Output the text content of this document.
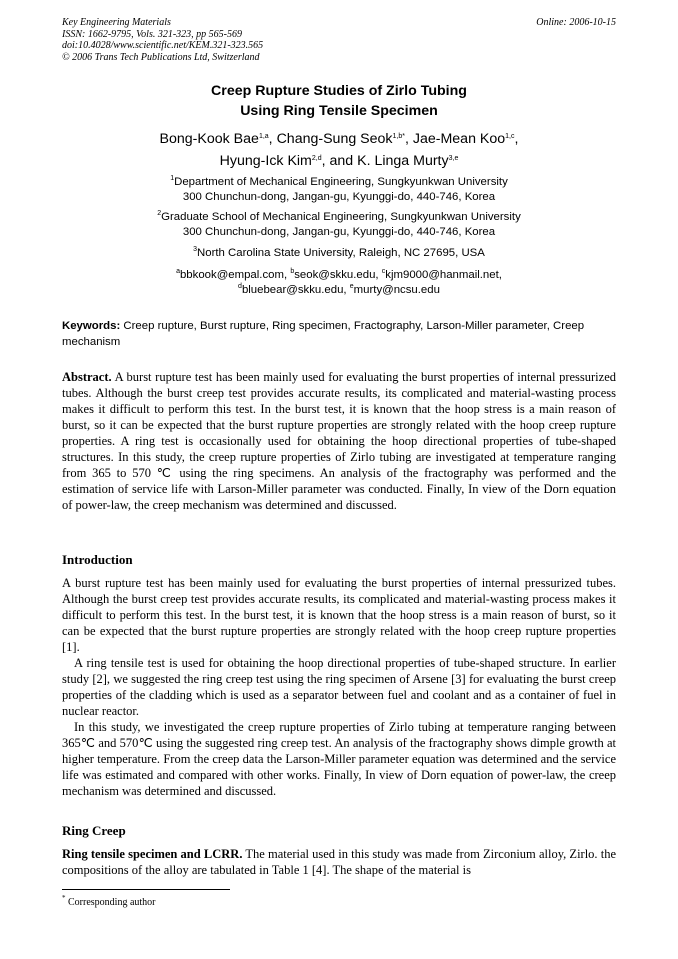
Key Engineering Materials
ISSN: 1662-9795, Vols. 321-323, pp 565-569
doi:10.4028/www.scientific.net/KEM.321-323.565
© 2006 Trans Tech Publications Ltd, Switzerland
Online: 2006-10-15
Creep Rupture Studies of Zirlo Tubing
Using Ring Tensile Specimen
Bong-Kook Bae$^{1,a}$, Chang-Sung Seok$^{1,b*}$, Jae-Mean Koo$^{1,c}$,
Hyung-Ick Kim$^{2,d}$, and K. Linga Murty$^{3,e}$
$^1$Department of Mechanical Engineering, Sungkyunkwan University
300 Chunchun-dong, Jangan-gu, Kyunggi-do, 440-746, Korea
$^2$Graduate School of Mechanical Engineering, Sungkyunkwan University
300 Chunchun-dong, Jangan-gu, Kyunggi-do, 440-746, Korea
$^3$North Carolina State University, Raleigh, NC 27695, USA
$^a$bbkook@empal.com, $^b$seok@skku.edu, $^c$kjm9000@hanmail.net,
$^d$bluebear@skku.edu, $^e$murty@ncsu.edu
Keywords: Creep rupture, Burst rupture, Ring specimen, Fractography, Larson-Miller parameter, Creep mechanism

Abstract. A burst rupture test has been mainly used for evaluating the burst properties of internal pressurized tubes. Although the burst creep test provides accurate results, its complicated and material-wasting process makes it difficult to perform this test. In the burst test, it is known that the hoop stress is a main reason of burst, so it can be expected that the burst rupture properties are strongly related with the hoop creep rupture properties. A ring test is occasionally used for obtaining the hoop directional properties of tube-shaped structures. In this study, the creep rupture properties of Zirlo tubing are investigated at temperature ranging from 365 to 570 ℃ using the ring specimens. An analysis of the fractography was performed and the estimation of service life with Larson-Miller parameter was conducted. Finally, In view of the Dorn equation of power-law, the creep mechanism was determined and discussed.

Introduction

A burst rupture test has been mainly used for evaluating the burst properties of internal pressurized tubes. Although the burst creep test provides accurate results, its complicated and material-wasting process makes it difficult to perform this test. In the burst test, it is known that the hoop stress is a main reason of burst, so it can be expected that the burst rupture properties are strongly related with the hoop creep rupture properties [1].

A ring tensile test is used for obtaining the hoop directional properties of tube-shaped structure. In earlier study [2], we suggested the ring creep test using the ring specimen of Arsene [3] for evaluating the burst creep properties of the cladding which is used as a separator between fuel and coolant and as a container of fuel in nuclear reactor.

In this study, we investigated the creep rupture properties of Zirlo tubing at temperature ranging between 365℃ and 570℃ using the suggested ring creep test. An analysis of the fractography shows dimple growth at higher temperature. From the creep data the Larson-Miller parameter equation was determined and the service life was estimated and compared with other works. Finally, In view of Dorn equation of power-law, the creep mechanism was determined and discussed.

Ring Creep

Ring tensile specimen and LCRR. The material used in this study was made from Zirconium alloy, Zirlo. the compositions of the alloy are tabulated in Table 1 [4]. The shape of the material is

* Corresponding author
